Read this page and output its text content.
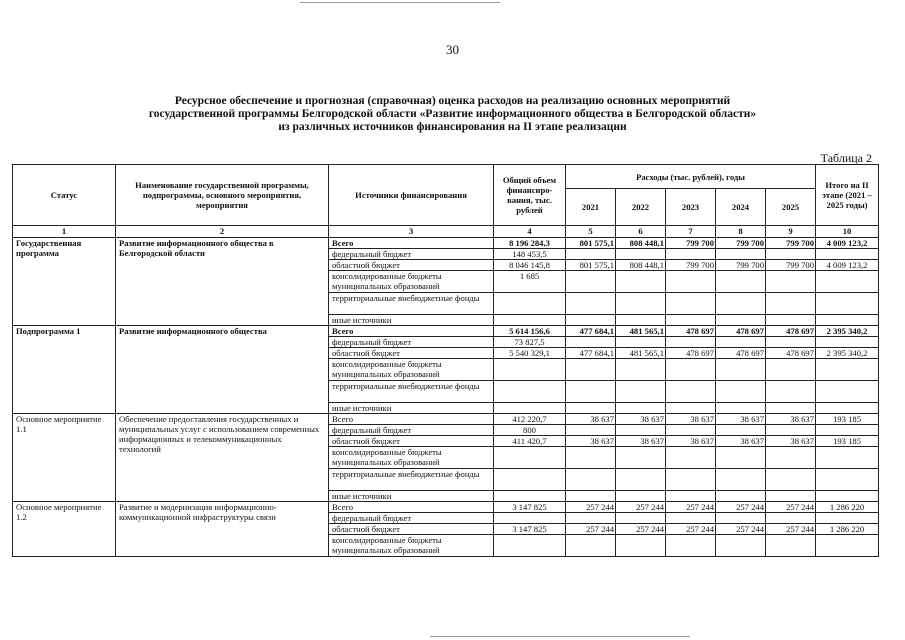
30
Ресурсное обеспечение и прогнозная (справочная) оценка расходов на реализацию основных мероприятий
государственной программы Белгородской области «Развитие информационного общества в Белгородской области»
из различных источников финансирования на II этапе реализации
Таблица 2
Статус	Наименование государственной программы, подпрограммы, основного мероприятия, мероприятия	Источники финансирования	Общий объем финансиро-вания, тыс. рублей	Расходы (тыс. рублей), годы					Итого на II этапе (2021 – 2025 годы)
				2021	2022	2023	2024	2025	
1	2	3	4	5	6	7	8	9	10
Государственная программа	Развитие информационного общества в Белгородской области	Всего	8 196 284,3	801 575,1	808 448,1	799 700	799 700	799 700	4 009 123,2
		федеральный бюджет	148 453,5						
		областной бюджет	8 046 145,8	801 575,1	808 448,1	799 700	799 700	799 700	4 009 123,2
		консолидированные бюджеты муниципальных образований	1 685						
		территориальные внебюджетные фонды							
		иные источники							
Подпрограмма 1	Развитие информационного общества	Всего	5 614 156,6	477 684,1	481 565,1	478 697	478 697	478 697	2 395 340,2
		федеральный бюджет	73 827,5						
		областной бюджет	5 540 329,1	477 684,1	481 565,1	478 697	478 697	478 697	2 395 340,2
		консолидированные бюджеты муниципальных образований							
		территориальные внебюджетные фонды							
		иные источники							
Основное мероприятие 1.1	Обеспечение предоставления государственных и муниципальных услуг с использованием современных информационных и телекоммуникационных технологий	Всего	412 220,7	38 637	38 637	38 637	38 637	38 637	193 185
		федеральный бюджет	800						
		областной бюджет	411 420,7	38 637	38 637	38 637	38 637	38 637	193 185
		консолидированные бюджеты муниципальных образований							
		территориальные внебюджетные фонды							
		иные источники							
Основное мероприятие 1.2	Развитие и модернизация информационно-коммуникационной инфраструктуры связи	Всего	3 147 825	257 244	257 244	257 244	257 244	257 244	1 286 220
		федеральный бюджет							
		областной бюджет	3 147 825	257 244	257 244	257 244	257 244	257 244	1 286 220
		консолидированные бюджеты муниципальных образований							
